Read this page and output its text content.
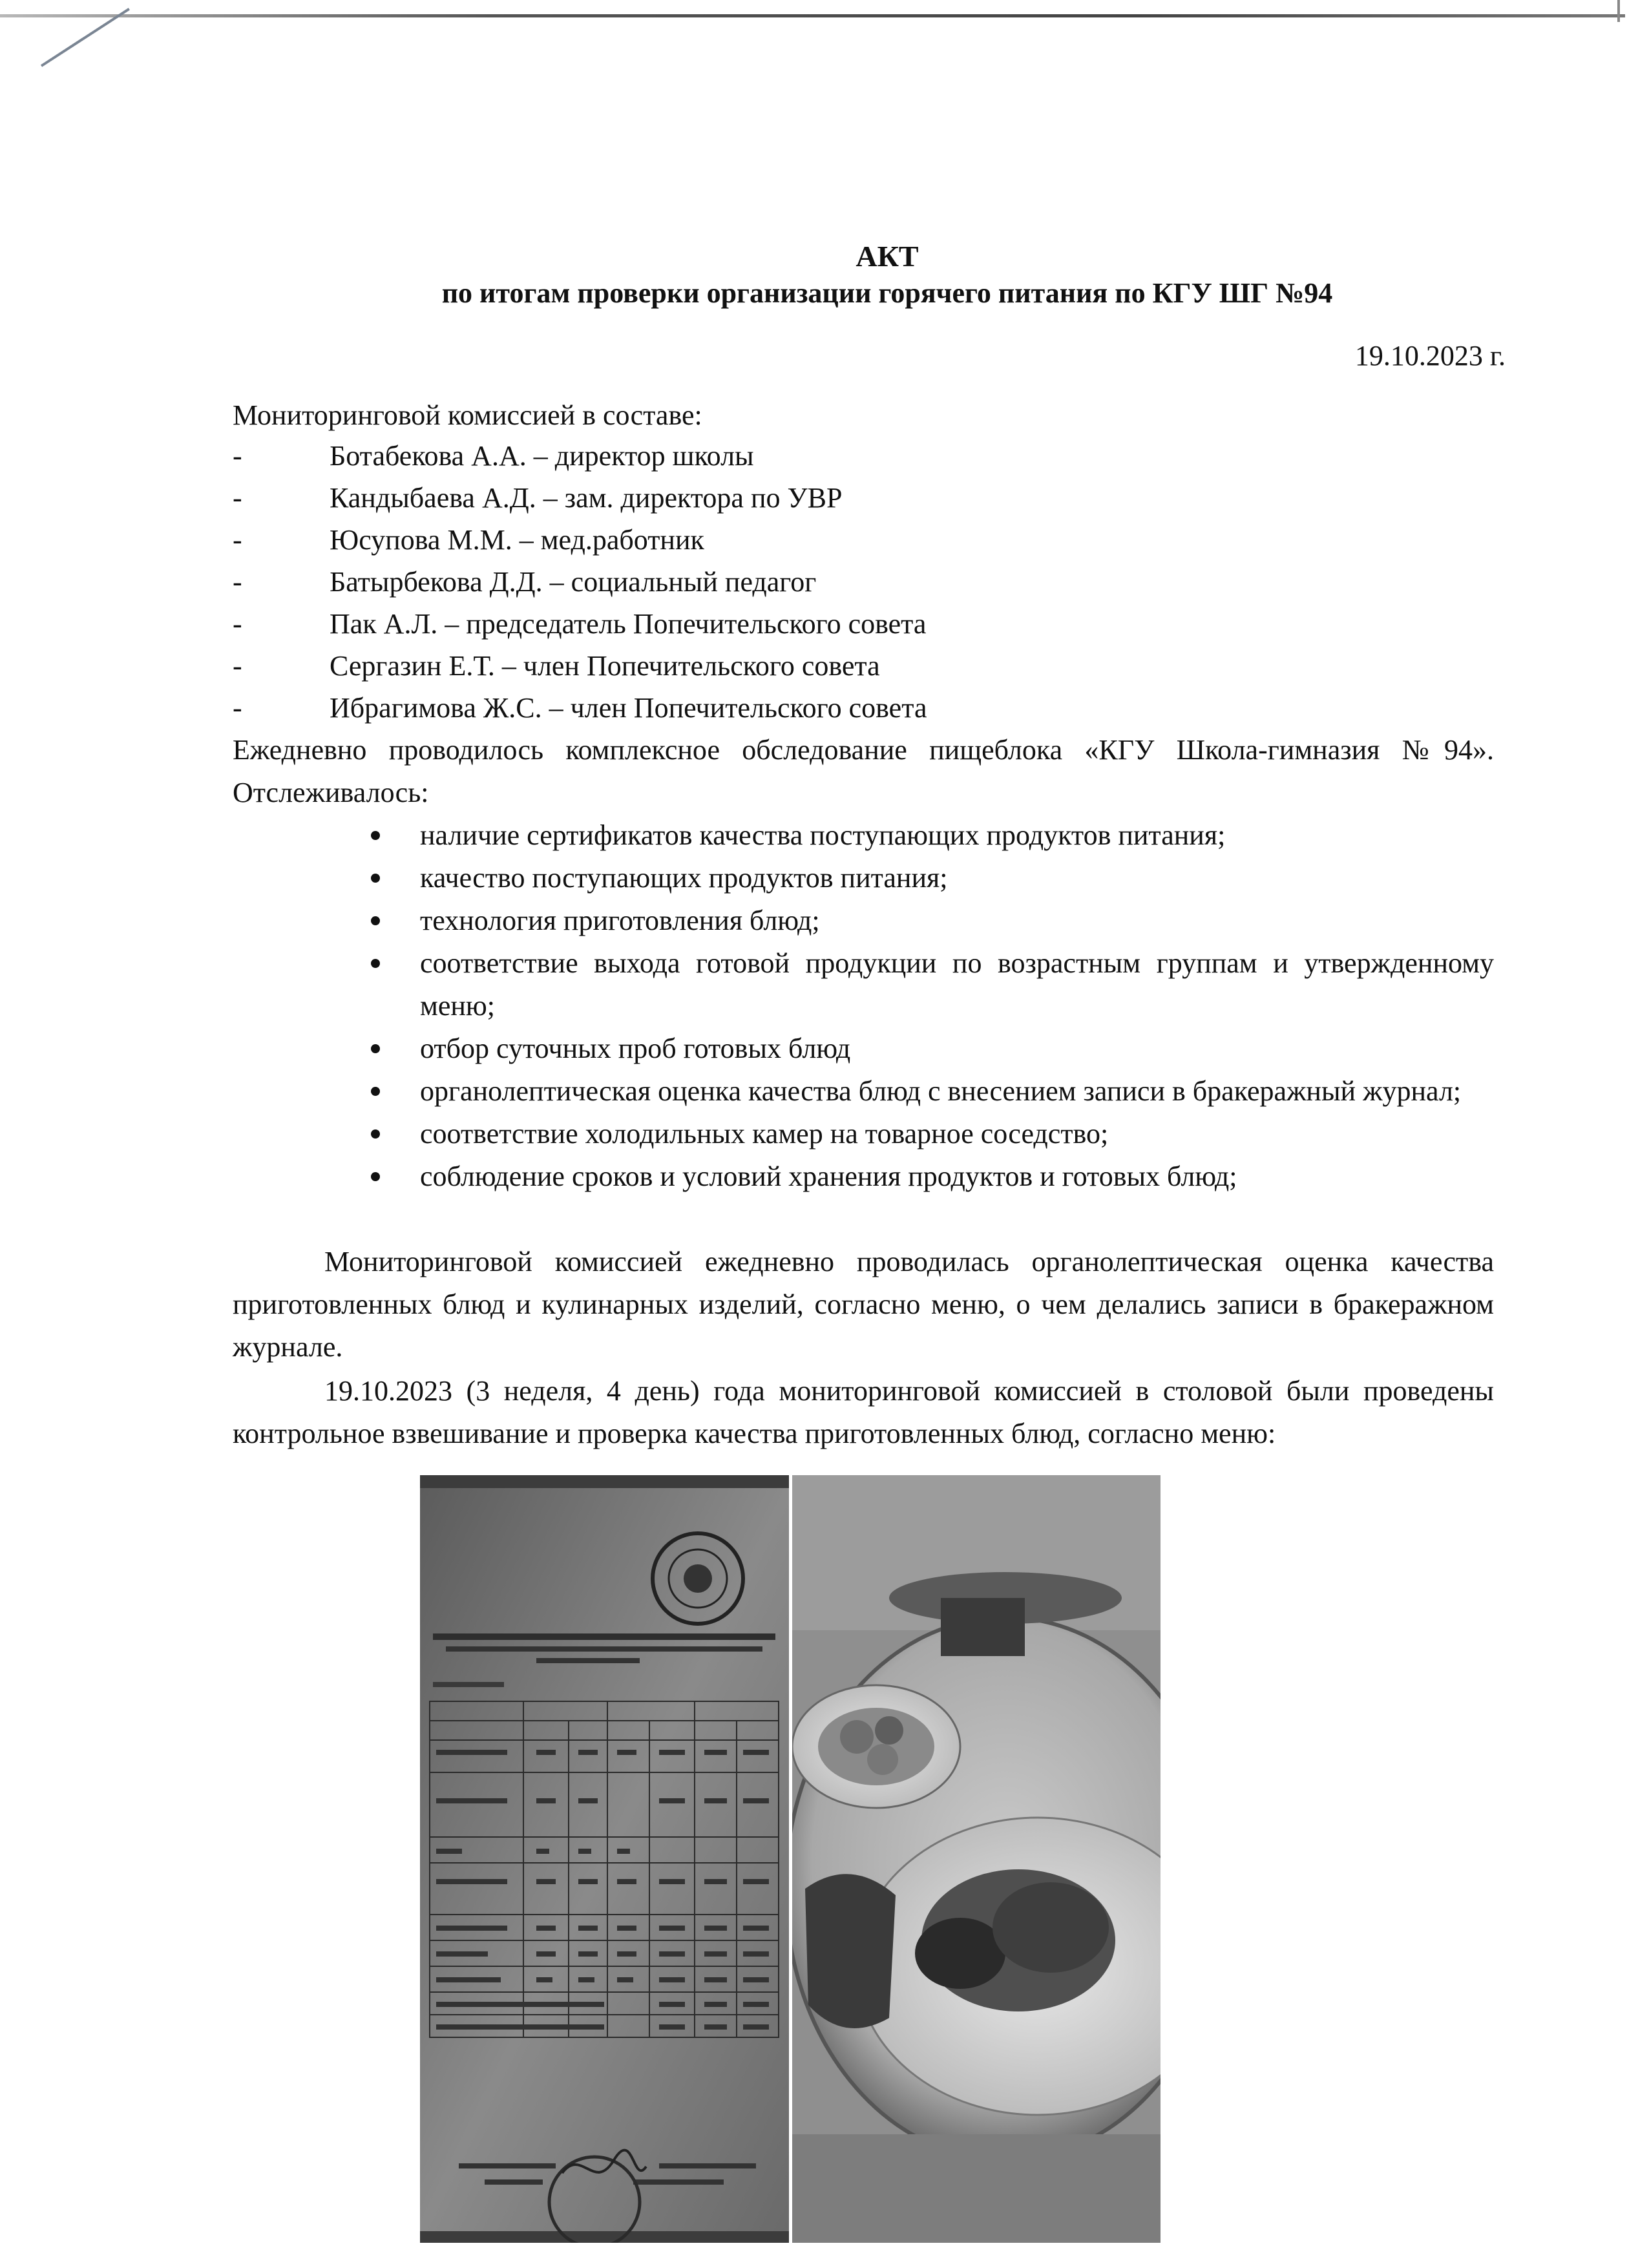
АКТ
по итогам проверки организации горячего питания по КГУ ШГ №94
19.10.2023 г.
Мониторинговой комиссией в составе:
-	Ботабекова А.А. – директор школы
-	Кандыбаева А.Д. – зам. директора по УВР
-	Юсупова М.М. – мед.работник
-	Батырбекова Д.Д. – социальный педагог
-	Пак А.Л. – председатель Попечительского совета
-	Сергазин Е.Т. – член Попечительского совета
-	Ибрагимова Ж.С. – член Попечительского совета

Ежедневно проводилось комплексное обследование пищеблока «КГУ Школа-гимназия №94». Отслеживалось:

наличие сертификатов качества поступающих продуктов питания;
качество поступающих продуктов питания;
технология приготовления блюд;
соответствие выхода готовой продукции по возрастным группам и утвержденному меню;
отбор суточных проб готовых блюд
органолептическая оценка качества блюд с внесением записи в бракеражный журнал;
соответствие холодильных камер на товарное соседство;
соблюдение сроков и условий хранения продуктов и готовых блюд;

Мониторинговой комиссией ежедневно проводилась органолептическая оценка качества приготовленных блюд и кулинарных изделий, согласно меню, о чем делались записи в бракеражном журнале.

19.10.2023 (3 неделя, 4 день) года мониторинговой комиссией в столовой были проведены контрольное взвешивание и проверка качества приготовленных блюд, согласно меню:
